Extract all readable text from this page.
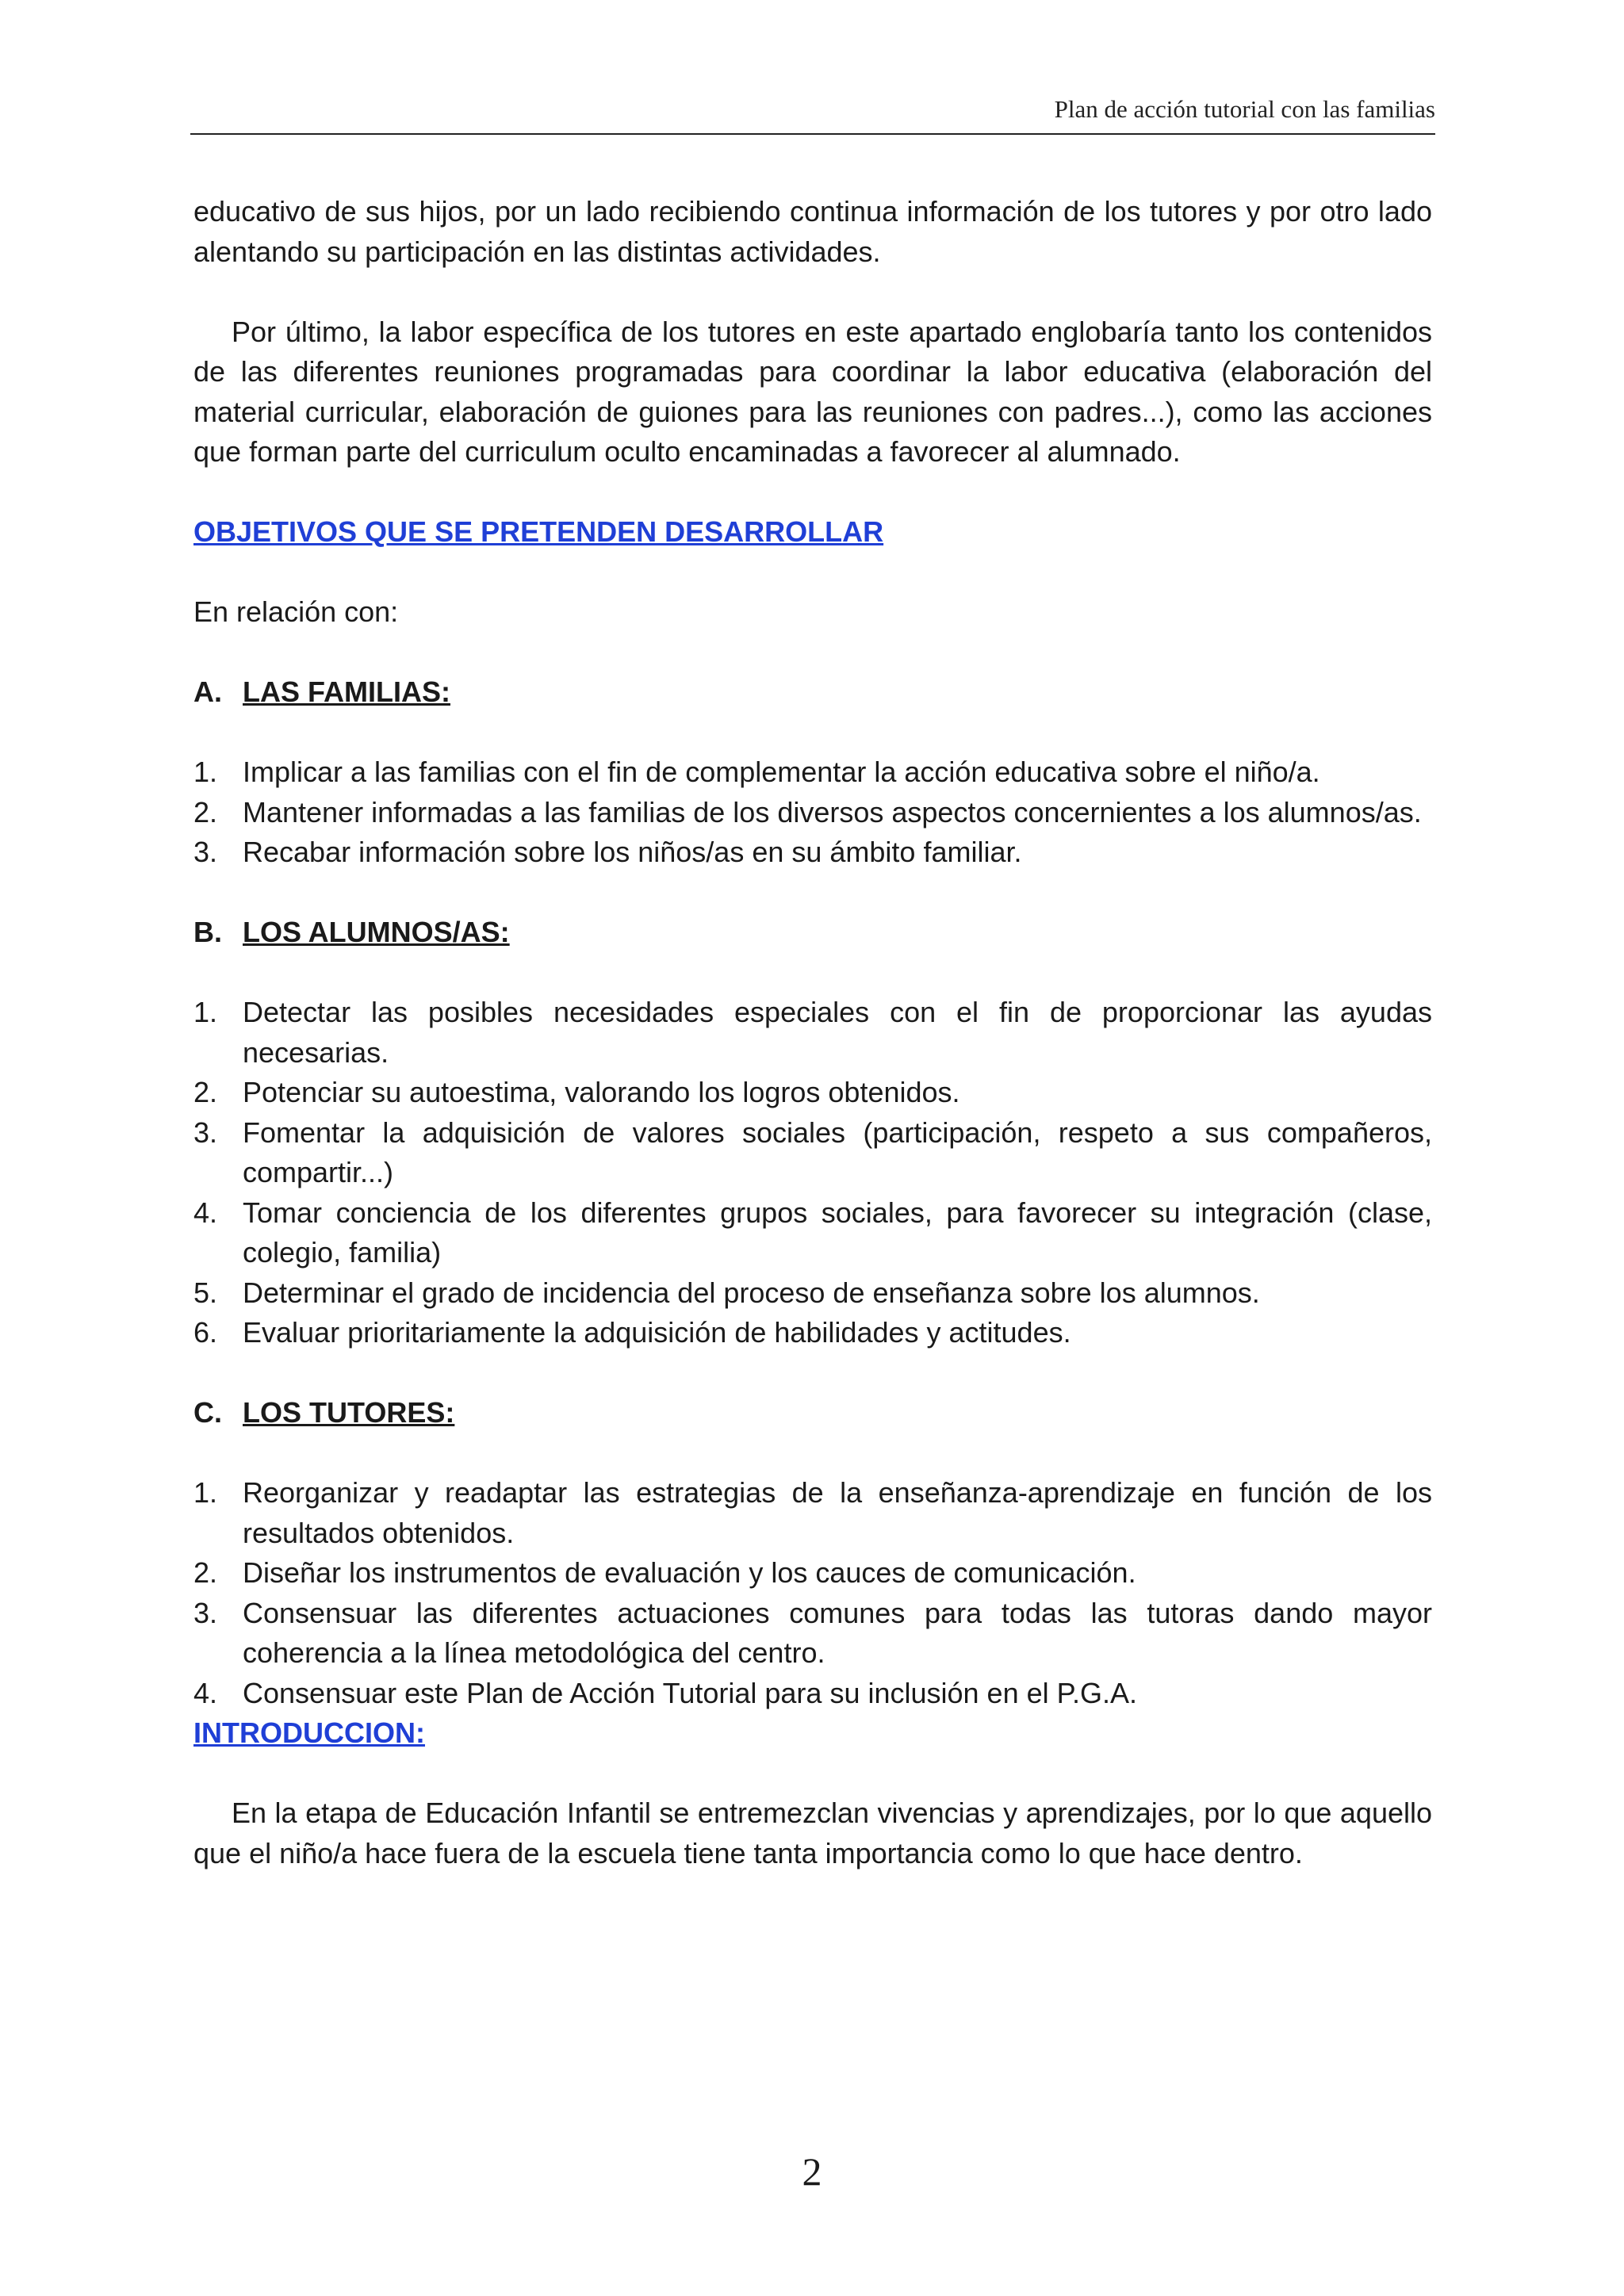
Plan de acción tutorial con las familias

educativo de sus hijos, por un lado recibiendo continua información de los tutores y por otro lado alentando su participación en las distintas actividades.

Por último, la labor específica de los tutores en este apartado englobaría tanto los contenidos de las diferentes reuniones programadas para coordinar la labor educativa (elaboración del material curricular, elaboración de guiones para las reuniones con padres...), como las acciones que forman parte del curriculum oculto encaminadas a favorecer al alumnado.

OBJETIVOS QUE SE PRETENDEN DESARROLLAR

En relación con:

A. LAS FAMILIAS:

1. Implicar a las familias con el fin de complementar la acción educativa sobre el niño/a.
2. Mantener informadas a las familias de los diversos aspectos concernientes a los alumnos/as.
3. Recabar información sobre los niños/as en su ámbito familiar.

B. LOS ALUMNOS/AS:

1. Detectar las posibles necesidades especiales con el fin de proporcionar las ayudas necesarias.
2. Potenciar su autoestima, valorando los logros obtenidos.
3. Fomentar la adquisición de valores sociales (participación, respeto a sus compañeros, compartir...)
4. Tomar conciencia de los diferentes grupos sociales, para favorecer su integración (clase, colegio, familia)
5. Determinar el grado de incidencia del proceso de enseñanza sobre los alumnos.
6. Evaluar prioritariamente la adquisición de habilidades y actitudes.

C. LOS TUTORES:

1. Reorganizar y readaptar las estrategias de la enseñanza-aprendizaje en función de los resultados obtenidos.
2. Diseñar los instrumentos de evaluación y los cauces de comunicación.
3. Consensuar las diferentes actuaciones comunes para todas las tutoras dando mayor coherencia a la línea metodológica del centro.
4. Consensuar este Plan de Acción Tutorial para su inclusión en el P.G.A.

INTRODUCCION:

En la etapa de Educación Infantil se entremezclan vivencias y aprendizajes, por lo que aquello que el niño/a hace fuera de la escuela tiene tanta importancia como lo que hace dentro.

2
